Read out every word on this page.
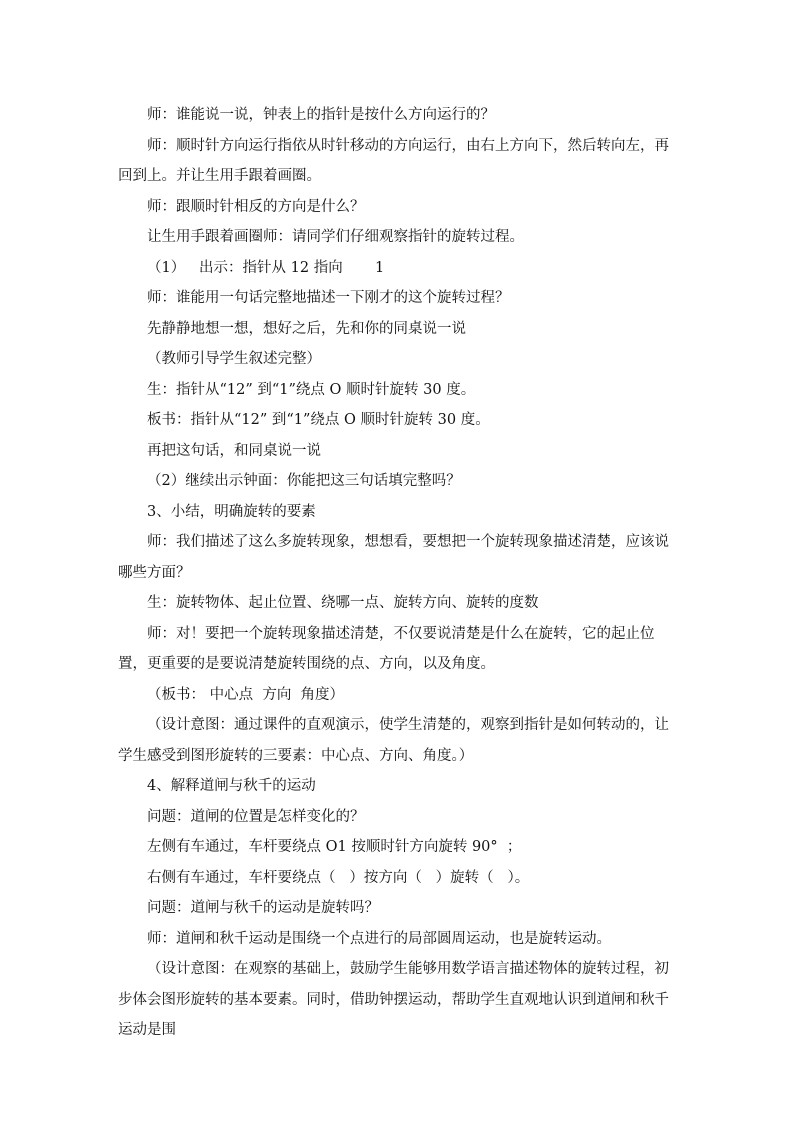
师：谁能说一说，钟表上的指针是按什么方向运行的？

师：顺时针方向运行指依从时针移动的方向运行，由右上方向下，然后转向左，再回到上。并让生用手跟着画圈。

师：跟顺时针相反的方向是什么？

让生用手跟着画圈师：请同学们仔细观察指针的旋转过程。

（1）   出示：指针从 12 指向       1

师：谁能用一句话完整地描述一下刚才的这个旋转过程？

先静静地想一想，想好之后，先和你的同桌说一说

（教师引导学生叙述完整）

生：指针从“12” 到“1”绕点 O 顺时针旋转 30 度。

板书：指针从“12” 到“1”绕点 O 顺时针旋转 30 度。

再把这句话，和同桌说一说

（2）继续出示钟面：你能把这三句话填完整吗？

3、小结，明确旋转的要素

师：我们描述了这么多旋转现象，想想看，要想把一个旋转现象描述清楚，应该说哪些方面？

生：旋转物体、起止位置、绕哪一点、旋转方向、旋转的度数

师：对！要把一个旋转现象描述清楚，不仅要说清楚是什么在旋转，它的起止位置，更重要的是要说清楚旋转围绕的点、方向，以及角度。

（板书： 中心点  方向  角度）

（设计意图：通过课件的直观演示，使学生清楚的，观察到指针是如何转动的，让学生感受到图形旋转的三要素：中心点、方向、角度。）

4、解释道闸与秋千的运动

问题：道闸的位置是怎样变化的？

左侧有车通过，车杆要绕点 O1 按顺时针方向旋转 90°  ；

右侧有车通过，车杆要绕点（   ）按方向（   ）旋转（   ）。

问题：道闸与秋千的运动是旋转吗？

师：道闸和秋千运动是围绕一个点进行的局部圆周运动，也是旋转运动。

（设计意图：在观察的基础上，鼓励学生能够用数学语言描述物体的旋转过程，初步体会图形旋转的基本要素。同时，借助钟摆运动，帮助学生直观地认识到道闸和秋千运动是围
